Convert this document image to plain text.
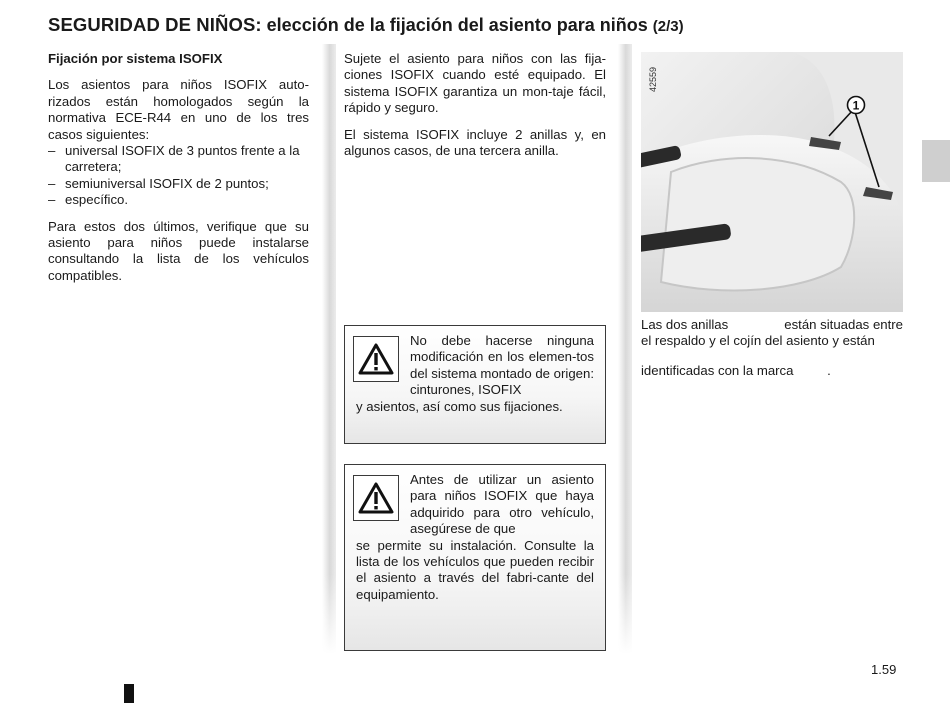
SEGURIDAD DE NIÑOS: elección de la fijación del asiento para niños (2/3)
Fijación por sistema ISOFIX

Los asientos para niños ISOFIX auto-rizados están homologados según la normativa ECE-R44 en uno de los tres casos siguientes:

– universal ISOFIX de 3 puntos frente a la carretera;
– semiuniversal ISOFIX de 2 puntos;
– específico.

Para estos dos últimos, verifique que su asiento para niños puede instalarse consultando la lista de los vehículos compatibles.

Sujete el asiento para niños con las fija-ciones ISOFIX cuando esté equipado. El sistema ISOFIX garantiza un mon-taje fácil, rápido y seguro.

El sistema ISOFIX incluye 2 anillas y, en algunos casos, de una tercera anilla.

No debe hacerse ninguna modificación en los elemen-tos del sistema montado de origen: cinturones, ISOFIX
y asientos, así como sus fijaciones.
Antes de utilizar un asiento para niños ISOFIX que haya adquirido para otro vehículo, asegúrese de que
se permite su instalación. Consulte la lista de los vehículos que pueden recibir el asiento a través del fabri-cante del equipamiento.
1
42559
Las dos anillas	están situadas entre
el respaldo y el cojín del asiento y están
identificadas con la marca	.
1.59
